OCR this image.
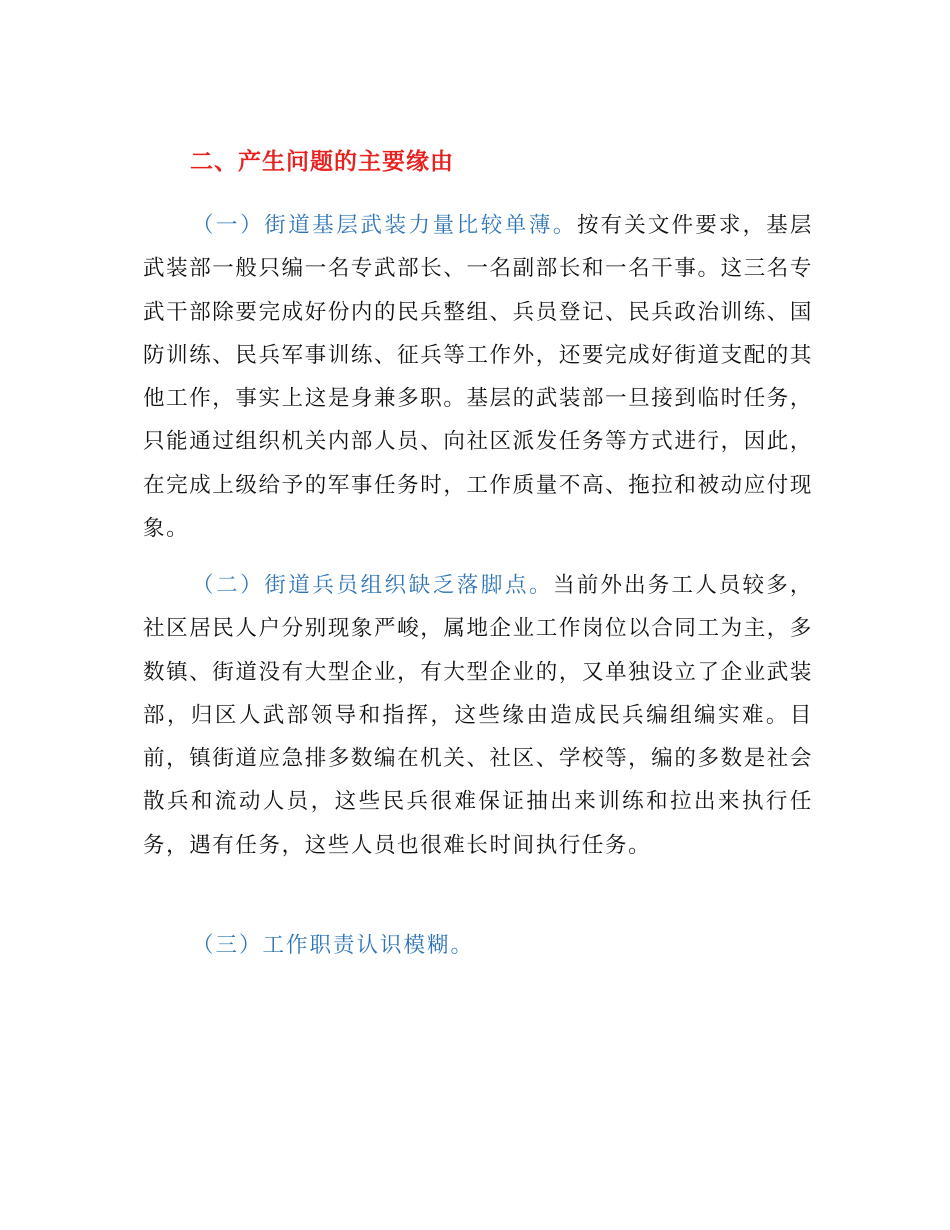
二、产生问题的主要缘由

（一）街道基层武装力量比较单薄。按有关文件要求，基层武装部一般只编一名专武部长、一名副部长和一名干事。这三名专武干部除要完成好份内的民兵整组、兵员登记、民兵政治训练、国防训练、民兵军事训练、征兵等工作外，还要完成好街道支配的其他工作，事实上这是身兼多职。基层的武装部一旦接到临时任务，只能通过组织机关内部人员、向社区派发任务等方式进行，因此，在完成上级给予的军事任务时，工作质量不高、拖拉和被动应付现象。

（二）街道兵员组织缺乏落脚点。当前外出务工人员较多，社区居民人户分别现象严峻，属地企业工作岗位以合同工为主，多数镇、街道没有大型企业，有大型企业的，又单独设立了企业武装部，归区人武部领导和指挥，这些缘由造成民兵编组编实难。目前，镇街道应急排多数编在机关、社区、学校等，编的多数是社会散兵和流动人员，这些民兵很难保证抽出来训练和拉出来执行任务，遇有任务，这些人员也很难长时间执行任务。

（三）工作职责认识模糊。
